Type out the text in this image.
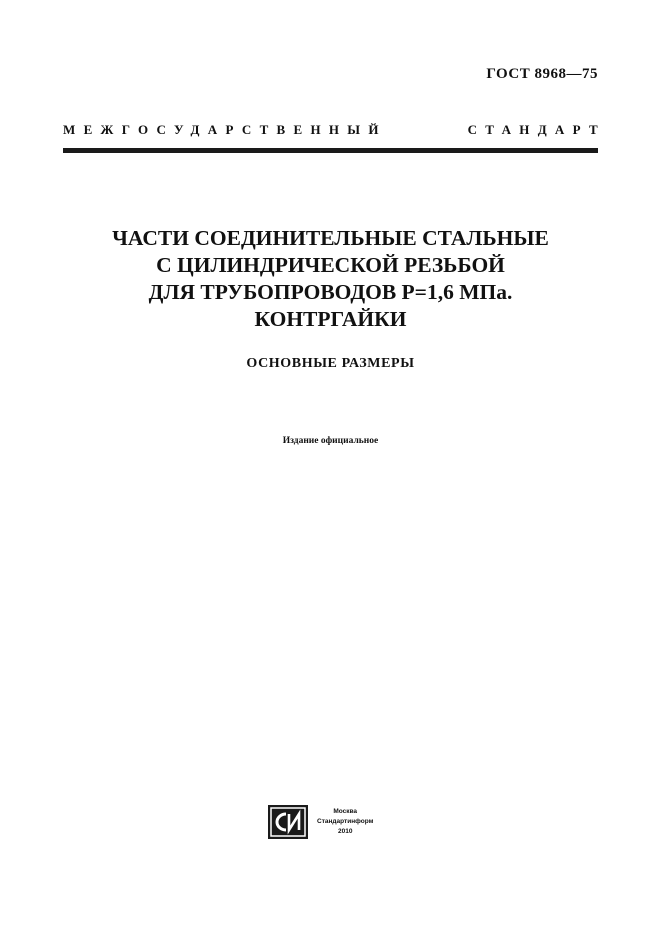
ГОСТ 8968—75
МЕЖГОСУДАРСТВЕННЫЙ	СТАНДАРТ
ЧАСТИ СОЕДИНИТЕЛЬНЫЕ СТАЛЬНЫЕ
С ЦИЛИНДРИЧЕСКОЙ РЕЗЬБОЙ
ДЛЯ ТРУБОПРОВОДОВ Р=1,6 МПа.
КОНТРГАЙКИ
ОСНОВНЫЕ РАЗМЕРЫ
Издание официальное
Москва
Стандартинформ
2010
